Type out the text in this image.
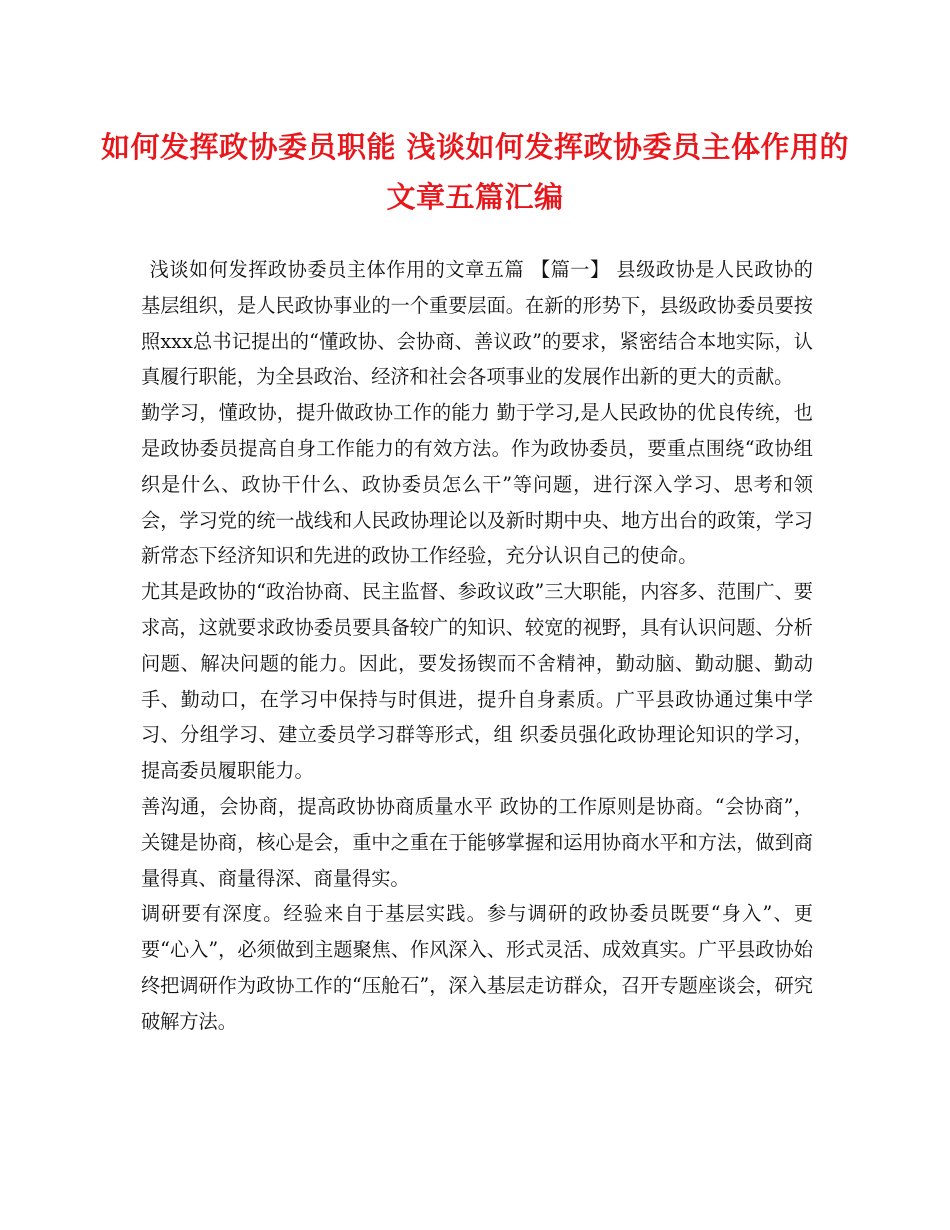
如何发挥政协委员职能 浅谈如何发挥政协委员主体作用的文章五篇汇编

浅谈如何发挥政协委员主体作用的文章五篇 【篇一】 县级政协是人民政协的基层组织，是人民政协事业的一个重要层面。在新的形势下，县级政协委员要按照xxx总书记提出的“懂政协、会协商、善议政”的要求，紧密结合本地实际，认真履行职能，为全县政治、经济和社会各项事业的发展作出新的更大的贡献。

勤学习，懂政协，提升做政协工作的能力 勤于学习,是人民政协的优良传统，也是政协委员提高自身工作能力的有效方法。作为政协委员，要重点围绕“政协组织是什么、政协干什么、政协委员怎么干”等问题，进行深入学习、思考和领会，学习党的统一战线和人民政协理论以及新时期中央、地方出台的政策，学习新常态下经济知识和先进的政协工作经验，充分认识自己的使命。

尤其是政协的“政治协商、民主监督、参政议政”三大职能，内容多、范围广、要求高，这就要求政协委员要具备较广的知识、较宽的视野，具有认识问题、分析问题、解决问题的能力。因此，要发扬锲而不舍精神，勤动脑、勤动腿、勤动手、勤动口，在学习中保持与时俱进，提升自身素质。广平县政协通过集中学习、分组学习、建立委员学习群等形式，组 织委员强化政协理论知识的学习，提高委员履职能力。

善沟通，会协商，提高政协协商质量水平 政协的工作原则是协商。“会协商”，关键是协商，核心是会，重中之重在于能够掌握和运用协商水平和方法，做到商量得真、商量得深、商量得实。

调研要有深度。经验来自于基层实践。参与调研的政协委员既要“身入”、更要“心入”，必须做到主题聚焦、作风深入、形式灵活、成效真实。广平县政协始终把调研作为政协工作的“压舱石”，深入基层走访群众，召开专题座谈会，研究破解方法。
